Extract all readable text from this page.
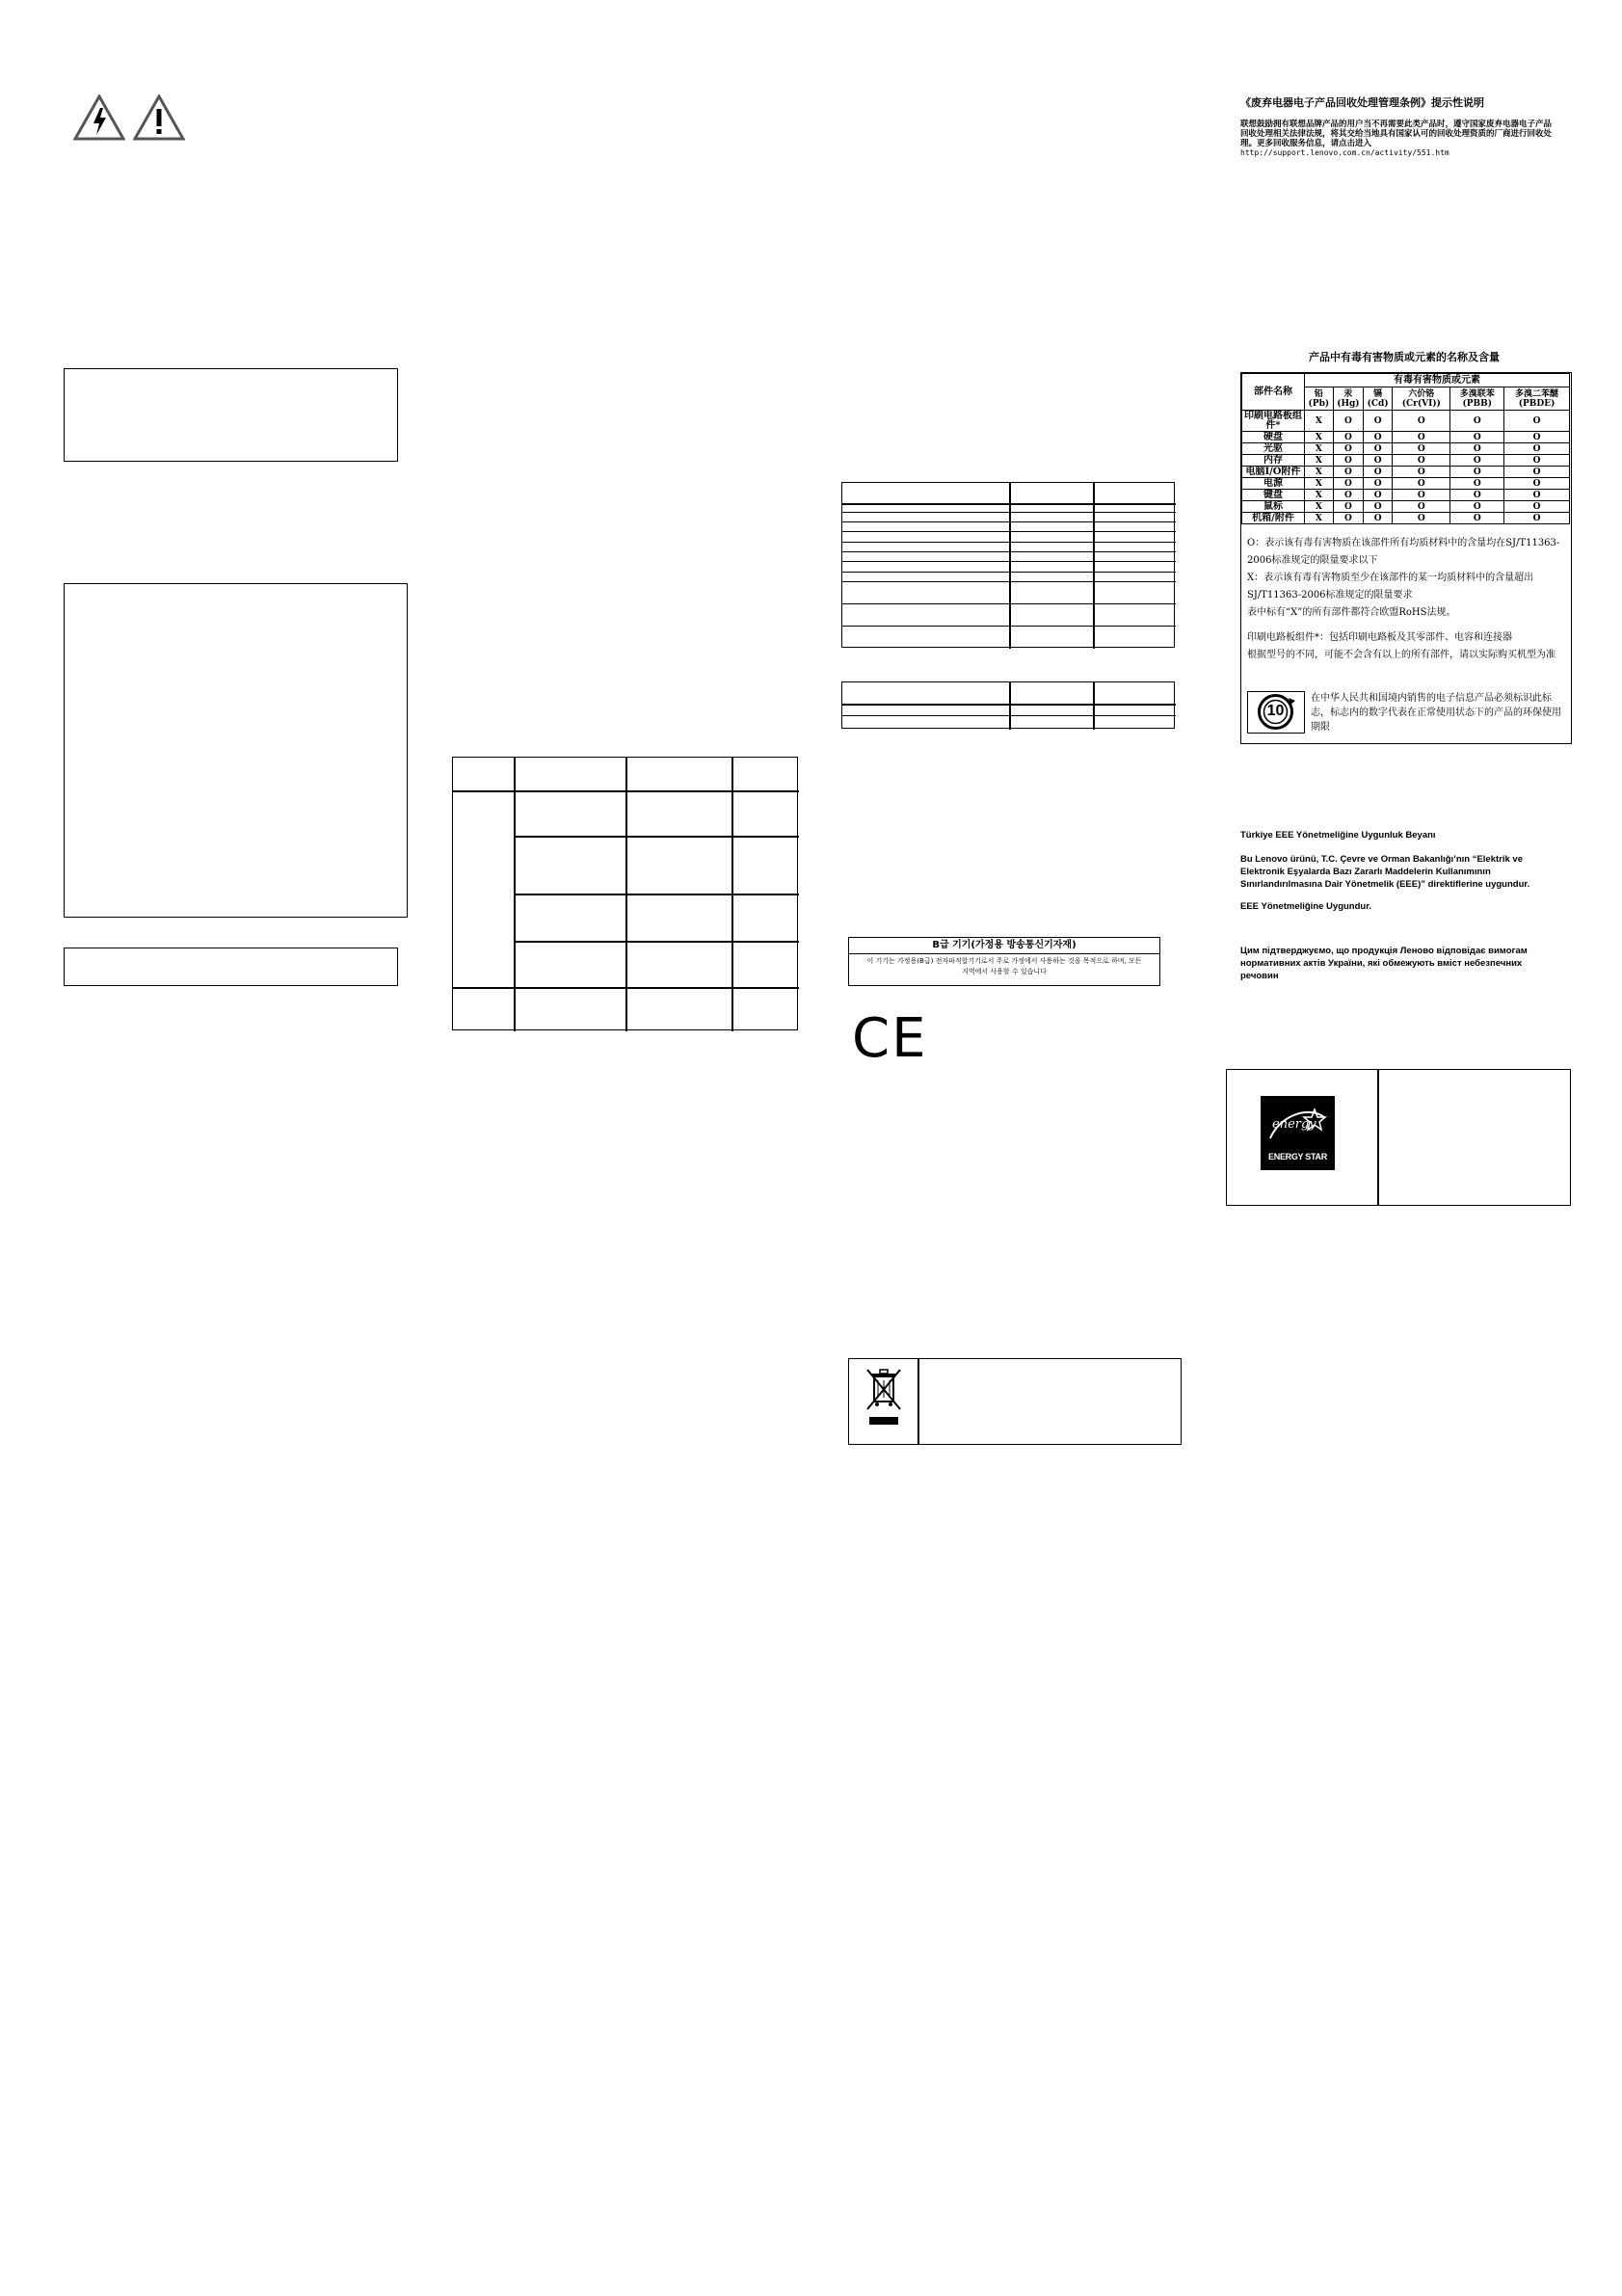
B급 기기(가정용 방송통신기자재)
이 기기는 가정용(B급) 전자파적합기기로서 주로 가정에서 사용하는 것을 목적으로 하며, 모든 지역에서 사용할 수 있습니다
CE
《废弃电器电子产品回收处理管理条例》提示性说明
联想鼓励拥有联想品牌产品的用户当不再需要此类产品时，遵守国家废弃电器电子产品回收处理相关法律法规，将其交给当地具有国家认可的回收处理资质的厂商进行回收处理。更多回收服务信息，请点击进入
http://support.lenovo.com.cn/activity/551.htm
产品中有毒有害物质或元素的名称及含量
部件名称	有毒有害物质或元素					
	铅(Pb)	汞(Hg)	镉(Cd)	六价铬 (Cr(VI))	多溴联苯 (PBB)	多溴二苯醚 (PBDE)
印刷电路板组件*	X	O	O	O	O	O
硬盘	X	O	O	O	O	O
光驱	X	O	O	O	O	O
内存	X	O	O	O	O	O
电脑I/O附件	X	O	O	O	O	O
电源	X	O	O	O	O	O
键盘	X	O	O	O	O	O
鼠标	X	O	O	O	O	O
机箱/附件	X	O	O	O	O	O
O：表示该有毒有害物质在该部件所有均质材料中的含量均在SJ/T11363-2006标准规定的限量要求以下
X：表示该有毒有害物质至少在该部件的某一均质材料中的含量超出SJ/T11363-2006标准规定的限量要求
表中标有“X”的所有部件都符合欧盟RoHS法规。
印刷电路板组件*：包括印刷电路板及其零部件、电容和连接器
根据型号的不同，可能不会含有以上的所有部件，请以实际购买机型为准
10
在中华人民共和国境内销售的电子信息产品必须标识此标志，标志内的数字代表在正常使用状态下的产品的环保使用期限
Türkiye EEE Yönetmeliğine Uygunluk Beyanı
Bu Lenovo ürünü, T.C. Çevre ve Orman Bakanlığı’nın “Elektrik ve Elektronik Eşyalarda Bazı Zararlı Maddelerin Kullanımının Sınırlandırılmasına Dair Yönetmelik (EEE)” direktiflerine uygundur.
EEE Yönetmeliğine Uygundur.
Цим підтверджуємо, що продукція Леново відповідає вимогам нормативних актів України, які обмежують вміст небезпечних речовин
energy
ENERGY STAR
